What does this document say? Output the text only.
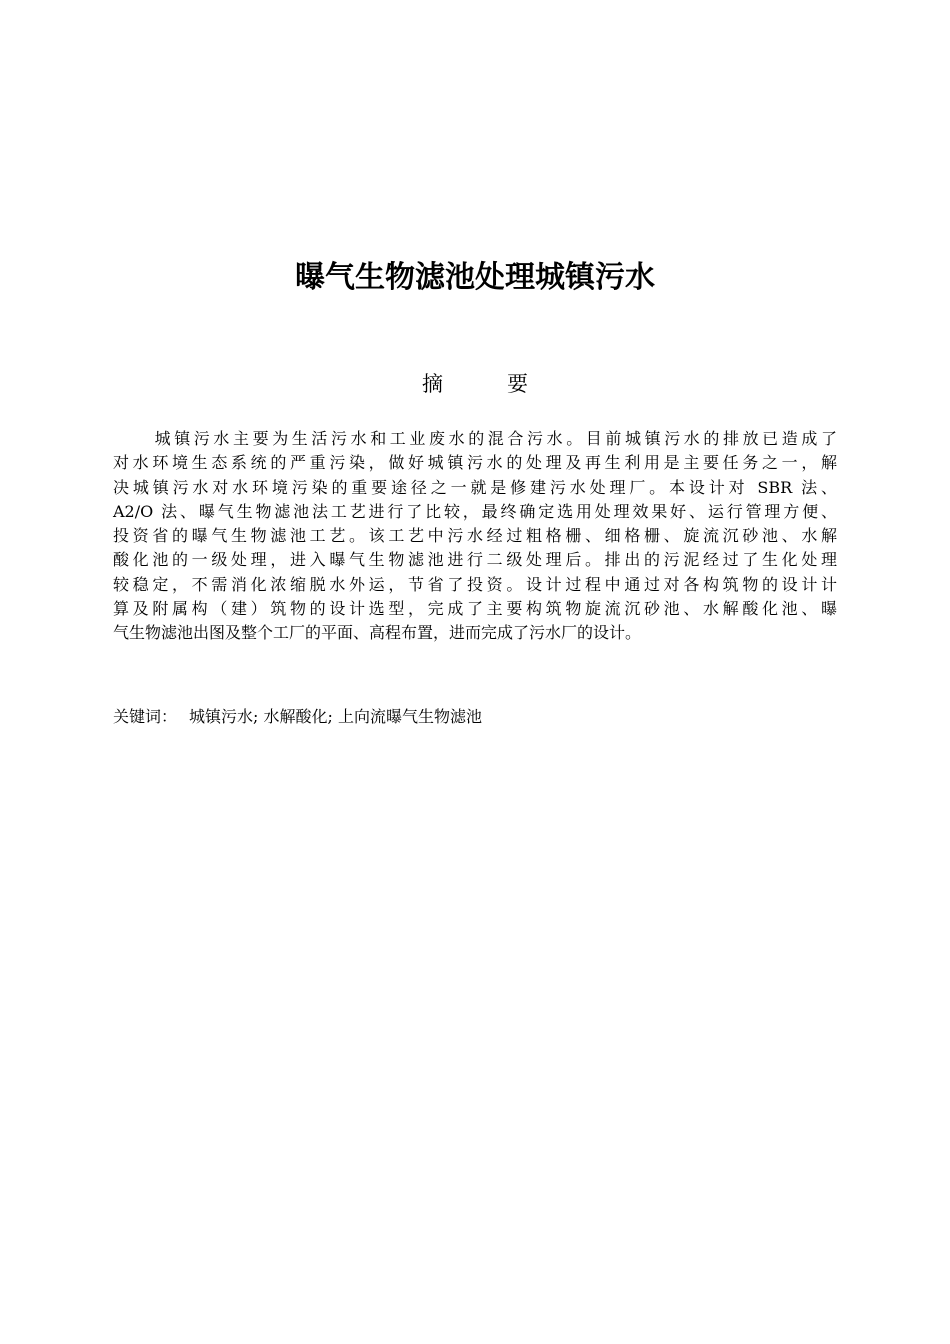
曝气生物滤池处理城镇污水
摘	要
城镇污水主要为生活污水和工业废水的混合污水。目前城镇污水的排放已造成了
对水环境生态系统的严重污染，做好城镇污水的处理及再生利用是主要任务之一，解
决城镇污水对水环境污染的重要途径之一就是修建污水处理厂。本设计对 SBR 法、
A2/O 法、曝气生物滤池法工艺进行了比较，最终确定选用处理效果好、运行管理方便、
投资省的曝气生物滤池工艺。该工艺中污水经过粗格栅、细格栅、旋流沉砂池、水解
酸化池的一级处理，进入曝气生物滤池进行二级处理后。排出的污泥经过了生化处理
较稳定，不需消化浓缩脱水外运，节省了投资。设计过程中通过对各构筑物的设计计
算及附属构（建）筑物的设计选型，完成了主要构筑物旋流沉砂池、水解酸化池、曝
气生物滤池出图及整个工厂的平面、高程布置，进而完成了污水厂的设计。
关键词： 城镇污水; 水解酸化; 上向流曝气生物滤池
